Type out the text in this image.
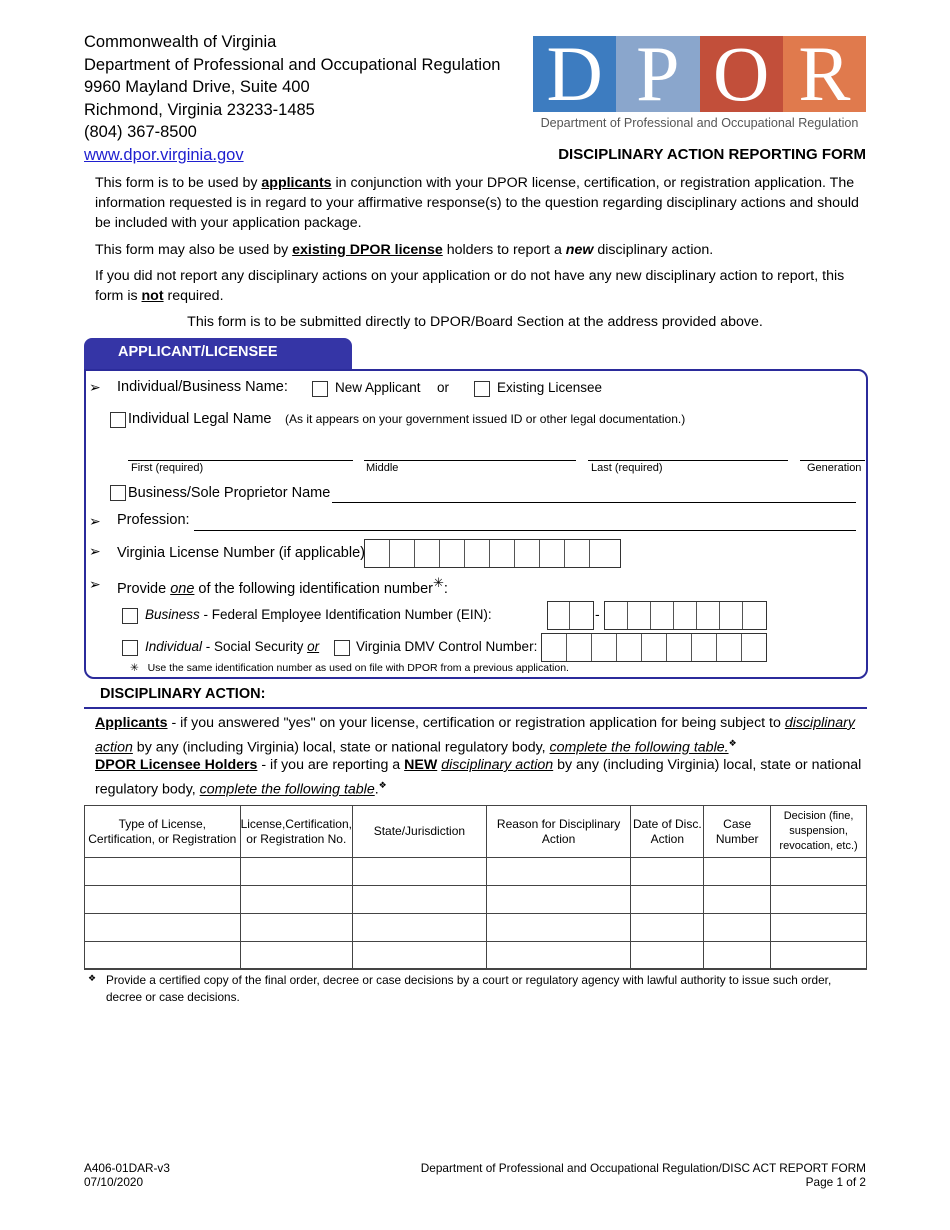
Commonwealth of Virginia
Department of Professional and Occupational Regulation
9960 Mayland Drive, Suite 400
Richmond, Virginia 23233-1485
(804) 367-8500
www.dpor.virginia.gov
D P O R
Department of Professional and Occupational Regulation
DISCIPLINARY ACTION REPORTING FORM
This form is to be used by applicants in conjunction with your DPOR license, certification, or registration application. The information requested is in regard to your affirmative response(s) to the question regarding disciplinary actions and should be included with your application package.
This form may also be used by existing DPOR license holders to report a new disciplinary action.
If you did not report any disciplinary actions on your application or do not have any new disciplinary action to report, this form is not required.
This form is to be submitted directly to DPOR/Board Section at the address provided above.
APPLICANT/LICENSEE
➢ Individual/Business Name:	New Applicant or	Existing Licensee
Individual Legal Name (As it appears on your government issued ID or other legal documentation.)
First (required)	Middle	Last (required)	Generation
Business/Sole Proprietor Name
➢ Profession:
➢ Virginia License Number (if applicable)
➢ Provide one of the following identification number✳:
Business - Federal Employee Identification Number (EIN):	-
Individual - Social Security or	Virginia DMV Control Number:
✳ Use the same identification number as used on file with DPOR from a previous application.
DISCIPLINARY ACTION:
Applicants - if you answered "yes" on your license, certification or registration application for being subject to disciplinary action by any (including Virginia) local, state or national regulatory body, complete the following table.❖
DPOR Licensee Holders - if you are reporting a NEW disciplinary action by any (including Virginia) local, state or national regulatory body, complete the following table.❖
Type of License, Certification, or Registration	License,Certification, or Registration No.	State/Jurisdiction	Reason for Disciplinary Action	Date of Disc. Action	Case Number	Decision (fine, suspension, revocation, etc.)

❖ Provide a certified copy of the final order, decree or case decisions by a court or regulatory agency with lawful authority to issue such order, decree or case decisions.
A406-01DAR-v3
07/10/2020
Department of Professional and Occupational Regulation/DISC ACT REPORT FORM
Page 1 of 2
